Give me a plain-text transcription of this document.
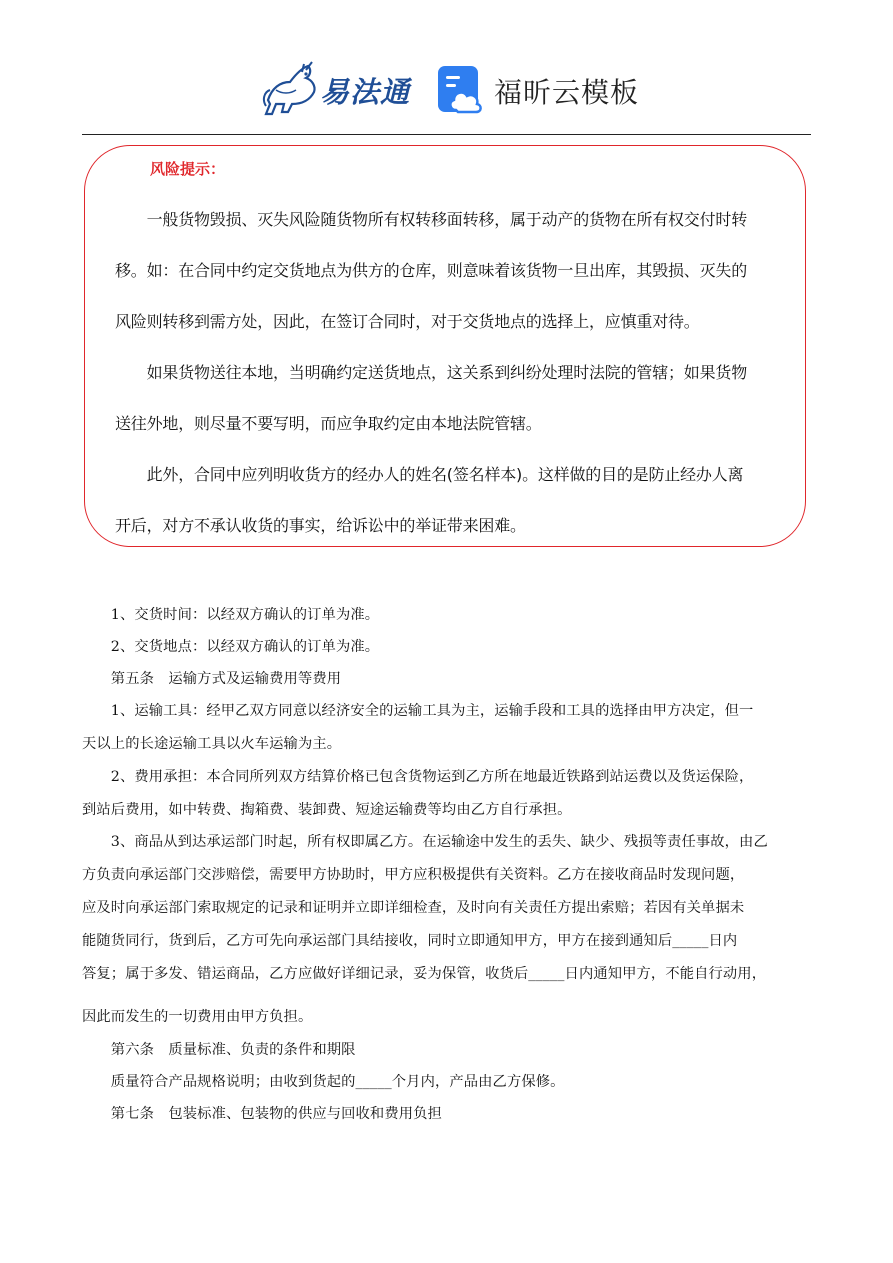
易法通	福昕云模板
风险提示：
　　一般货物毁损、灭失风险随货物所有权转移面转移，属于动产的货物在所有权交付时转
移。如：在合同中约定交货地点为供方的仓库，则意味着该货物一旦出库，其毁损、灭失的
风险则转移到需方处，因此，在签订合同时，对于交货地点的选择上，应慎重对待。
　　如果货物送往本地，当明确约定送货地点，这关系到纠纷处理时法院的管辖；如果货物
送往外地，则尽量不要写明，而应争取约定由本地法院管辖。
　　此外，合同中应列明收货方的经办人的姓名(签名样本)。这样做的目的是防止经办人离
开后，对方不承认收货的事实，给诉讼中的举证带来困难。
　　1、交货时间：以经双方确认的订单为准。
　　2、交货地点：以经双方确认的订单为准。
　　第五条　运输方式及运输费用等费用
　　1、运输工具：经甲乙双方同意以经济安全的运输工具为主，运输手段和工具的选择由甲方决定，但一
天以上的长途运输工具以火车运输为主。
　　2、费用承担：本合同所列双方结算价格已包含货物运到乙方所在地最近铁路到站运费以及货运保险，
到站后费用，如中转费、掏箱费、装卸费、短途运输费等均由乙方自行承担。
　　3、商品从到达承运部门时起，所有权即属乙方。在运输途中发生的丢失、缺少、残损等责任事故，由乙
方负责向承运部门交涉赔偿，需要甲方协助时，甲方应积极提供有关资料。乙方在接收商品时发现问题，
应及时向承运部门索取规定的记录和证明并立即详细检查，及时向有关责任方提出索赔；若因有关单据未
能随货同行，货到后，乙方可先向承运部门具结接收，同时立即通知甲方，甲方在接到通知后_____日内
答复；属于多发、错运商品，乙方应做好详细记录，妥为保管，收货后_____日内通知甲方，不能自行动用，
因此而发生的一切费用由甲方负担。
　　第六条　质量标准、负责的条件和期限
　　质量符合产品规格说明；由收到货起的_____个月内，产品由乙方保修。
　　第七条　包装标准、包装物的供应与回收和费用负担
